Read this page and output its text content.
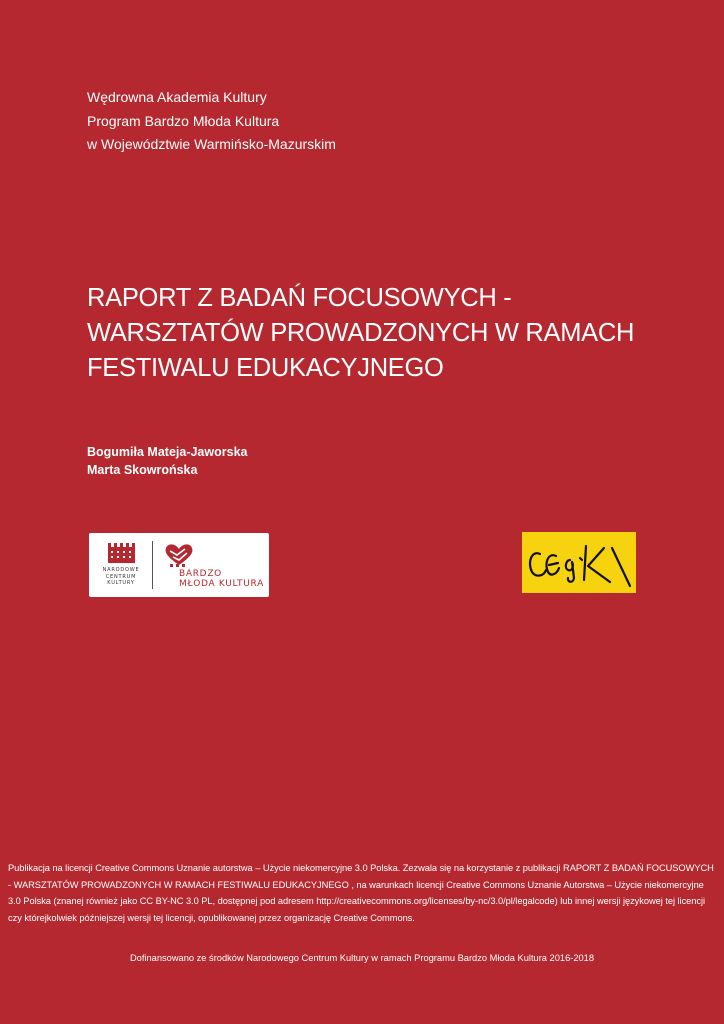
Wędrowna Akademia Kultury
Program Bardzo Młoda Kultura
w Województwie Warmińsko-Mazurskim
RAPORT Z BADAŃ FOCUSOWYCH -
WARSZTATÓW PROWADZONYCH W RAMACH
FESTIWALU EDUKACYJNEGO
Bogumiła Mateja-Jaworska
Marta Skowrońska
NARODOWE
CENTRUM
KULTURY
BARDZO
MŁODA KULTURA
Publikacja na licencji Creative Commons Uznanie autorstwa – Użycie niekomercyjne 3.0 Polska. Zezwala się na korzystanie z publikacji RAPORT Z BADAŃ FOCUSOWYCH - WARSZTATÓW PROWADZONYCH W RAMACH FESTIWALU EDUKACYJNEGO , na warunkach licencji Creative Commons Uznanie Autorstwa – Użycie niekomercyjne 3.0 Polska (znanej również jako CC BY-NC 3.0 PL, dostępnej pod adresem http://creativecommons.org/licenses/by-nc/3.0/pl/legalcode) lub innej wersji językowej tej licencji czy którejkolwiek późniejszej wersji tej licencji, opublikowanej przez organizację Creative Commons.
Dofinansowano ze środków Narodowego Centrum Kultury w ramach Programu Bardzo Młoda Kultura 2016-2018
